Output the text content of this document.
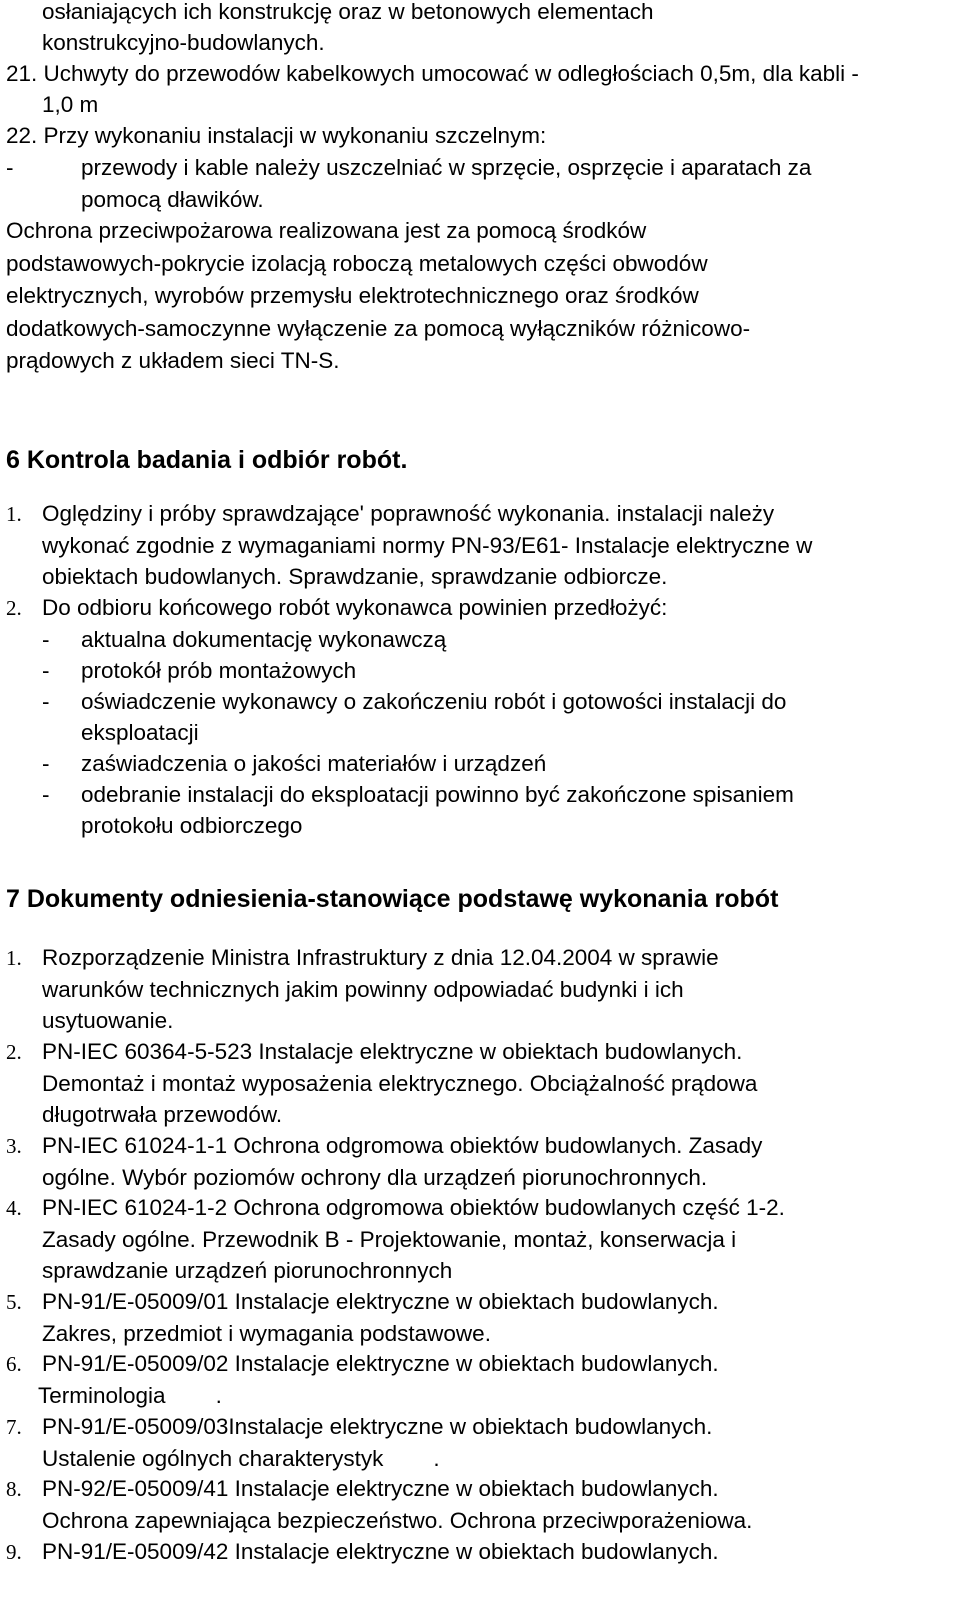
osłaniających ich konstrukcję oraz w betonowych elementach
konstrukcyjno-budowlanych.
21. Uchwyty do przewodów kabelkowych umocować w odległościach 0,5m, dla kabli -
1,0 m
22. Przy wykonaniu instalacji w wykonaniu szczelnym:
-	przewody i kable należy uszczelniać w sprzęcie, osprzęcie i aparatach za
pomocą dławików.
Ochrona przeciwpożarowa realizowana jest za pomocą środków
podstawowych-pokrycie izolacją roboczą metalowych części obwodów
elektrycznych, wyrobów przemysłu elektrotechnicznego oraz środków
dodatkowych-samoczynne wyłączenie za pomocą wyłączników różnicowo-
prądowych z układem sieci TN-S.
6 Kontrola badania i odbiór robót.
1. Oględziny i próby sprawdzające' poprawność wykonania. instalacji należy
wykonać zgodnie z wymaganiami normy PN-93/E61- Instalacje elektryczne w
obiektach budowlanych. Sprawdzanie, sprawdzanie odbiorcze.
2. Do odbioru końcowego robót wykonawca powinien przedłożyć:
- aktualna dokumentację wykonawczą
- protokół prób montażowych
- oświadczenie wykonawcy o zakończeniu robót i gotowości instalacji do
eksploatacji
- zaświadczenia o jakości materiałów i urządzeń
- odebranie instalacji do eksploatacji powinno być zakończone spisaniem
protokołu odbiorczego
7 Dokumenty odniesienia-stanowiące podstawę wykonania robót
1. Rozporządzenie Ministra Infrastruktury z dnia 12.04.2004 w sprawie
warunków technicznych jakim powinny odpowiadać budynki i ich
usytuowanie.
2. PN-IEC 60364-5-523 Instalacje elektryczne w obiektach budowlanych.
Demontaż i montaż wyposażenia elektrycznego. Obciążalność prądowa
długotrwała przewodów.
3. PN-IEC 61024-1-1 Ochrona odgromowa obiektów budowlanych. Zasady
ogólne. Wybór poziomów ochrony dla urządzeń piorunochronnych.
4. PN-IEC 61024-1-2 Ochrona odgromowa obiektów budowlanych część 1-2.
Zasady ogólne. Przewodnik B - Projektowanie, montaż, konserwacja i
sprawdzanie urządzeń piorunochronnych
5. PN-91/E-05009/01 Instalacje elektryczne w obiektach budowlanych.
Zakres, przedmiot i wymagania podstawowe.
6. PN-91/E-05009/02 Instalacje elektryczne w obiektach budowlanych.
Terminologia        .
7. PN-91/E-05009/03Instalacje elektryczne w obiektach budowlanych.
Ustalenie ogólnych charakterystyk        .
8. PN-92/E-05009/41 Instalacje elektryczne w obiektach budowlanych.
Ochrona zapewniająca bezpieczeństwo. Ochrona przeciwporażeniowa.
9. PN-91/E-05009/42 Instalacje elektryczne w obiektach budowlanych.
